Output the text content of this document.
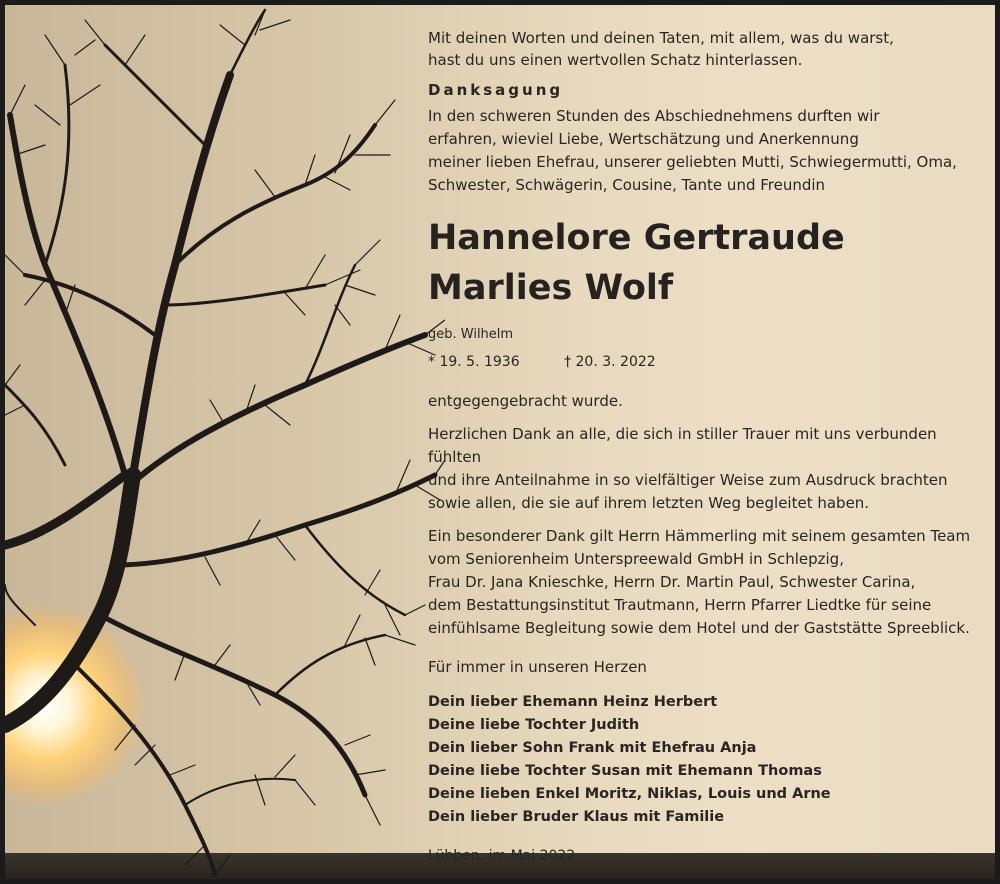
Mit deinen Worten und deinen Taten, mit allem, was du warst,

hast du uns einen wertvollen Schatz hinterlassen.

Danksagung

In den schweren Stunden des Abschiednehmens durften wir

erfahren, wieviel Liebe, Wertschätzung und Anerkennung

meiner lieben Ehefrau, unserer geliebten Mutti, Schwiegermutti, Oma,

Schwester, Schwägerin, Cousine, Tante und Freundin

Hannelore Gertraude

Marlies Wolf

geb. Wilhelm

* 19. 5. 1936	† 20. 3. 2022

entgegengebracht wurde.

Herzlichen Dank an alle, die sich in stiller Trauer mit uns verbunden fühlten

und ihre Anteilnahme in so vielfältiger Weise zum Ausdruck brachten

sowie allen, die sie auf ihrem letzten Weg begleitet haben.

Ein besonderer Dank gilt Herrn Hämmerling mit seinem gesamten Team

vom Seniorenheim Unterspreewald GmbH in Schlepzig,

Frau Dr. Jana Knieschke, Herrn Dr. Martin Paul, Schwester Carina,

dem Bestattungsinstitut Trautmann, Herrn Pfarrer Liedtke für seine

einfühlsame Begleitung sowie dem Hotel und der Gaststätte Spreeblick.

Für immer in unseren Herzen

Dein lieber Ehemann Heinz Herbert

Deine liebe Tochter Judith

Dein lieber Sohn Frank mit Ehefrau Anja

Deine liebe Tochter Susan mit Ehemann Thomas

Deine lieben Enkel Moritz, Niklas, Louis und Arne

Dein lieber Bruder Klaus mit Familie

Lübben, im Mai 2022
